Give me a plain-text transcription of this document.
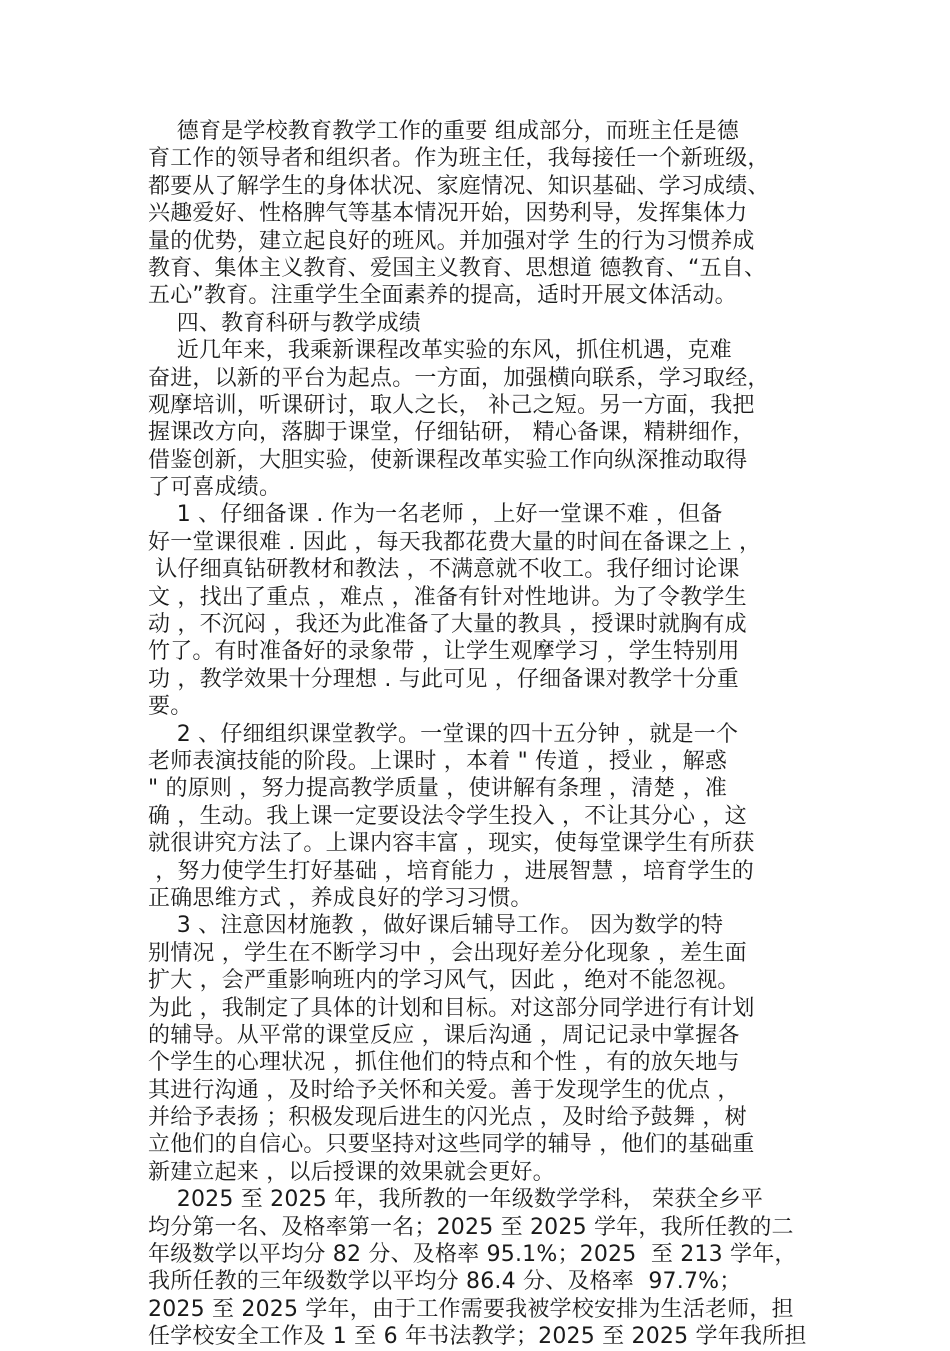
德育是学校教育教学工作的重要 组成部分，而班主任是德
育工作的领导者和组织者。作为班主任，我每接任一个新班级，
都要从了解学生的身体状况、家庭情况、知识基础、学习成绩、
兴趣爱好、性格脾气等基本情况开始，因势利导，发挥集体力
量的优势，建立起良好的班风。并加强对学 生的行为习惯养成
教育、集体主义教育、爱国主义教育、思想道 德教育、“五自、
五心”教育。注重学生全面素养的提高，适时开展文体活动。
四、教育科研与教学成绩
近几年来，我乘新课程改革实验的东风，抓住机遇，克难
奋进，以新的平台为起点。一方面，加强横向联系，学习取经，
观摩培训，听课研讨，取人之长， 补己之短。另一方面，我把
握课改方向，落脚于课堂，仔细钻研， 精心备课，精耕细作，
借鉴创新，大胆实验，使新课程改革实验工作向纵深推动取得
了可喜成绩。
1 、仔细备课 . 作为一名老师 ，上好一堂课不难 ，但备
好一堂课很难 . 因此 ，每天我都花费大量的时间在备课之上 ，
认仔细真钻研教材和教法 ，不满意就不收工。我仔细讨论课
文 ，找出了重点 ，难点 ，准备有针对性地讲。为了令教学生
动 ，不沉闷 ，我还为此准备了大量的教具 ，授课时就胸有成
竹了。有时准备好的录象带 ，让学生观摩学习 ，学生特别用
功 ，教学效果十分理想 . 与此可见 ，仔细备课对教学十分重
要。
2 、仔细组织课堂教学。一堂课的四十五分钟 ，就是一个
老师表演技能的阶段。上课时 ，本着 " 传道 ，授业 ，解惑
" 的原则 ，努力提高教学质量 ，使讲解有条理 ，清楚 ，准
确 ，生动。我上课一定要设法令学生投入 ，不让其分心 ，这
就很讲究方法了。上课内容丰富 ，现实，使每堂课学生有所获
，努力使学生打好基础 ，培育能力 ，进展智慧 ，培育学生的
正确思维方式 ，养成良好的学习习惯。
3 、注意因材施教 ，做好课后辅导工作。 因为数学的特
别情况 ，学生在不断学习中 ，会出现好差分化现象 ，差生面
扩大 ，会严重影响班内的学习风气，因此 ，绝对不能忽视。
为此 ，我制定了具体的计划和目标。对这部分同学进行有计划
的辅导。从平常的课堂反应 ，课后沟通 ，周记记录中掌握各
个学生的心理状况 ，抓住他们的特点和个性 ，有的放矢地与
其进行沟通 ，及时给予关怀和关爱。善于发现学生的优点 ，
并给予表扬 ；积极发现后进生的闪光点 ，及时给予鼓舞 ，树
立他们的自信心。只要坚持对这些同学的辅导 ，他们的基础重
新建立起来 ，以后授课的效果就会更好。
2025 至 2025 年，我所教的一年级数学学科， 荣获全乡平
均分第一名、及格率第一名；2025 至 2025 学年，我所任教的二
年级数学以平均分 82 分、及格率 95.1%；2025  至 213 学年，
我所任教的三年级数学以平均分 86.4 分、及格率  97.7%；
2025 至 2025 学年，由于工作需要我被学校安排为生活老师，担
任学校安全工作及 1 至 6 年书法教学；2025 至 2025 学年我所担
